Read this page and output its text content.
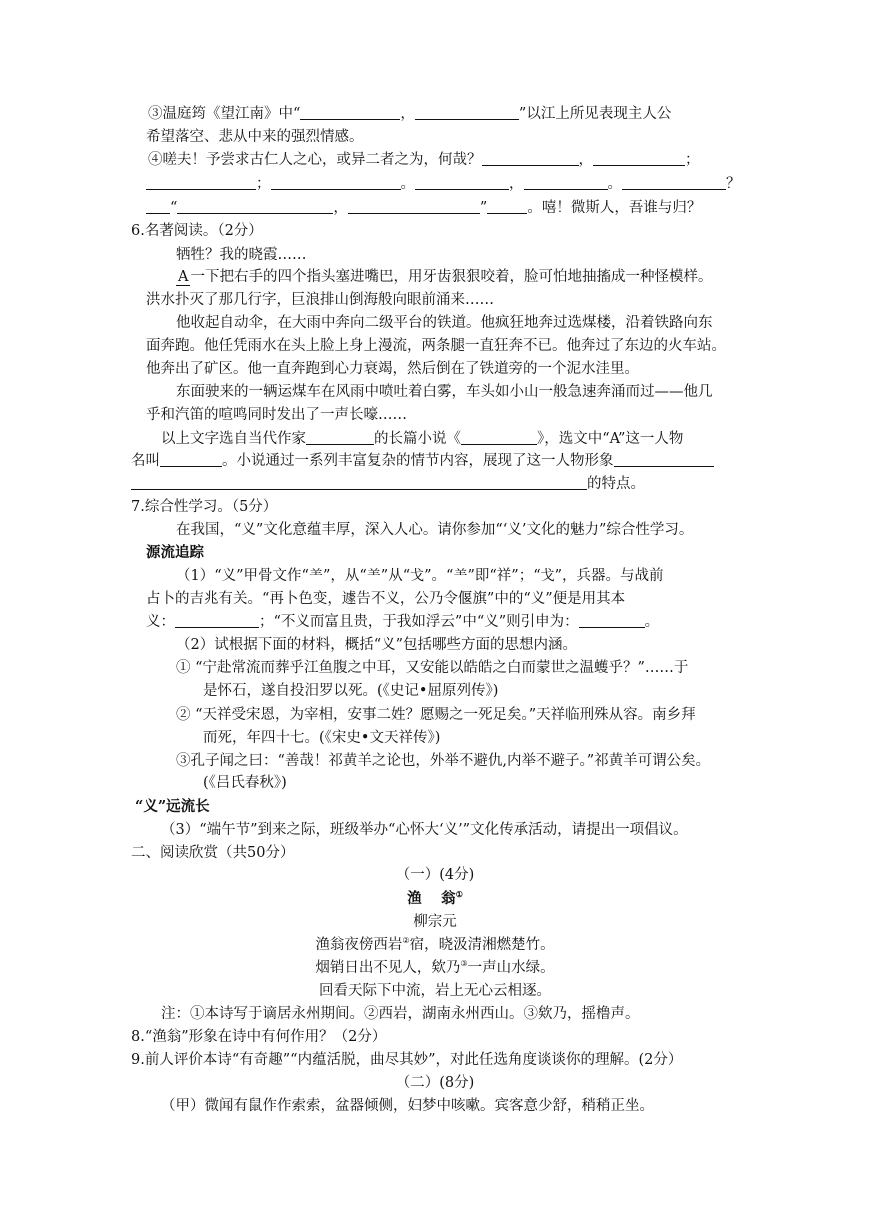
③温庭筠《望江南》中“	，	”以江上所见表现主人公
希望落空、悲从中来的强烈情感。
④嗟夫！予尝求古仁人之心，或异二者之为，何哉？	，	；
；	。	，	。	？
“	，	”	。嘻！微斯人，吾谁与归？
6.名著阅读。（2分）
牺牲？我的晓霞……
A 一下把右手的四个指头塞进嘴巴，用牙齿狠狠咬着，脸可怕地抽搐成一种怪模样。
洪水扑灭了那几行字，巨浪排山倒海般向眼前涌来……
他收起自动伞，在大雨中奔向二级平台的铁道。他疯狂地奔过选煤楼，沿着铁路向东
面奔跑。他任凭雨水在头上脸上身上漫流，两条腿一直狂奔不已。他奔过了东边的火车站。
他奔出了矿区。他一直奔跑到心力衰竭，然后倒在了铁道旁的一个泥水洼里。
东面驶来的一辆运煤车在风雨中喷吐着白雾，车头如小山一般急速奔涌而过——他几
乎和汽笛的喧鸣同时发出了一声长嚎……
以上文字选自当代作家	的长篇小说《	》，选文中“A”这一人物
名叫	。小说通过一系列丰富复杂的情节内容，展现了这一人物形象
的特点。
7.综合性学习。（5分）
在我国，“义”文化意蕴丰厚，深入人心。请你参加“‘义’文化的魅力”综合性学习。
源流追踪
（1）“义”甲骨文作“⺷”，从“⺷”从“⼽”。“⺷”即“祥”；“⼽”，兵器。与战前
占卜的吉兆有关。“再卜色变，遽告不义，公乃令偃旗”中的“义”便是用其本
义：	；“不义而富且贵，于我如浮云”中“义”则引申为：	。
（2）试根据下面的材料，概括“义”包括哪些方面的思想内涵。
① “宁赴常流而葬乎江鱼腹之中耳，又安能以皓皓之白而蒙世之温蠖乎？”……于
是怀石，遂自投汨罗以死。(《史记•屈原列传》)
② “天祥受宋恩，为宰相，安事二姓？愿赐之一死足矣。”天祥临刑殊从容。南乡拜
而死，年四十七。(《宋史•文天祥传》)
③孔子闻之曰：“善哉！祁黄羊之论也，外举不避仇,内举不避子。”祁黄羊可谓公矣。
(《吕氏春秋》)
“义”远流长
（3）“端午节”到来之际，班级举办“心怀大‘义’”文化传承活动，请提出一项倡议。
二、阅读欣赏（共50分）
（一）(4分)
渔　 翁①
柳宗元
渔翁夜傍西岩②宿，晓汲清湘燃楚竹。
烟销日出不见人，欸乃③一声山水绿。
回看天际下中流，岩上无心云相逐。
注：①本诗写于谪居永州期间。②西岩，湖南永州西山。③欸乃，摇橹声。
8.“渔翁”形象在诗中有何作用？（2分）
9.前人评价本诗“有奇趣”“内蕴活脱，曲尽其妙”，对此任选角度谈谈你的理解。(2分）
（二）(8分)
（甲）微闻有鼠作作索索，盆器倾侧，妇梦中咳嗽。宾客意少舒，稍稍正坐。
